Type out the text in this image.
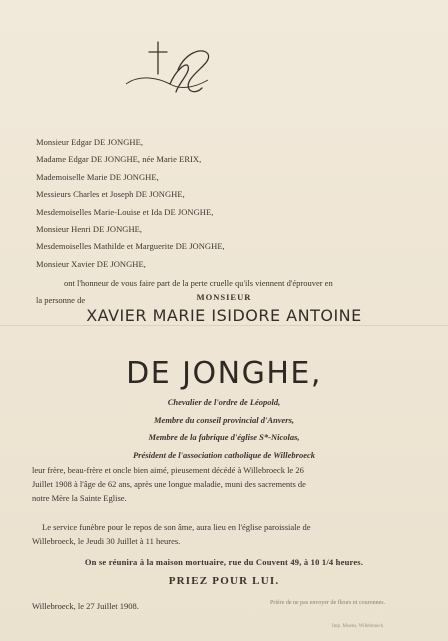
Monsieur Edgar DE JONGHE,
Madame Edgar DE JONGHE, née Marie ERIX,
Mademoiselle Marie DE JONGHE,
Messieurs Charles et Joseph DE JONGHE,
Mesdemoiselles Marie-Louise et Ida DE JONGHE,
Monsieur Henri DE JONGHE,
Mesdemoiselles Mathilde et Marguerite DE JONGHE,
Monsieur Xavier DE JONGHE,
ont l'honneur de vous faire part de la perte cruelle qu'ils viennent d'éprouver en
la personne de	MONSIEUR
XAVIER MARIE ISIDORE ANTOINE
DE JONGHE,
Chevalier de l'ordre de Léopold,
Membre du conseil provincial d'Anvers,
Membre de la fabrique d'église S*-Nicolas,
Président de l'association catholique de Willebroeck
leur frère, beau-frère et oncle bien aimé, pieusement décédé à Willebroeck le 26
Juillet 1908 à l'âge de 62 ans, après une longue maladie, muni des sacrements de
notre Mère la Sainte Eglise.
Le service funèbre pour le repos de son âme, aura lieu en l'église paroissiale de
Willebroeck, le Jeudi 30 Juillet à 11 heures.
On se réunira à la maison mortuaire, rue du Couvent 49, à 10 1/4 heures.
PRIEZ POUR LUI.
Willebroeck, le 27 Juillet 1908.	Prière de ne pas envoyer de fleurs ni couronnes.
Imp. Moens, Willebroeck
